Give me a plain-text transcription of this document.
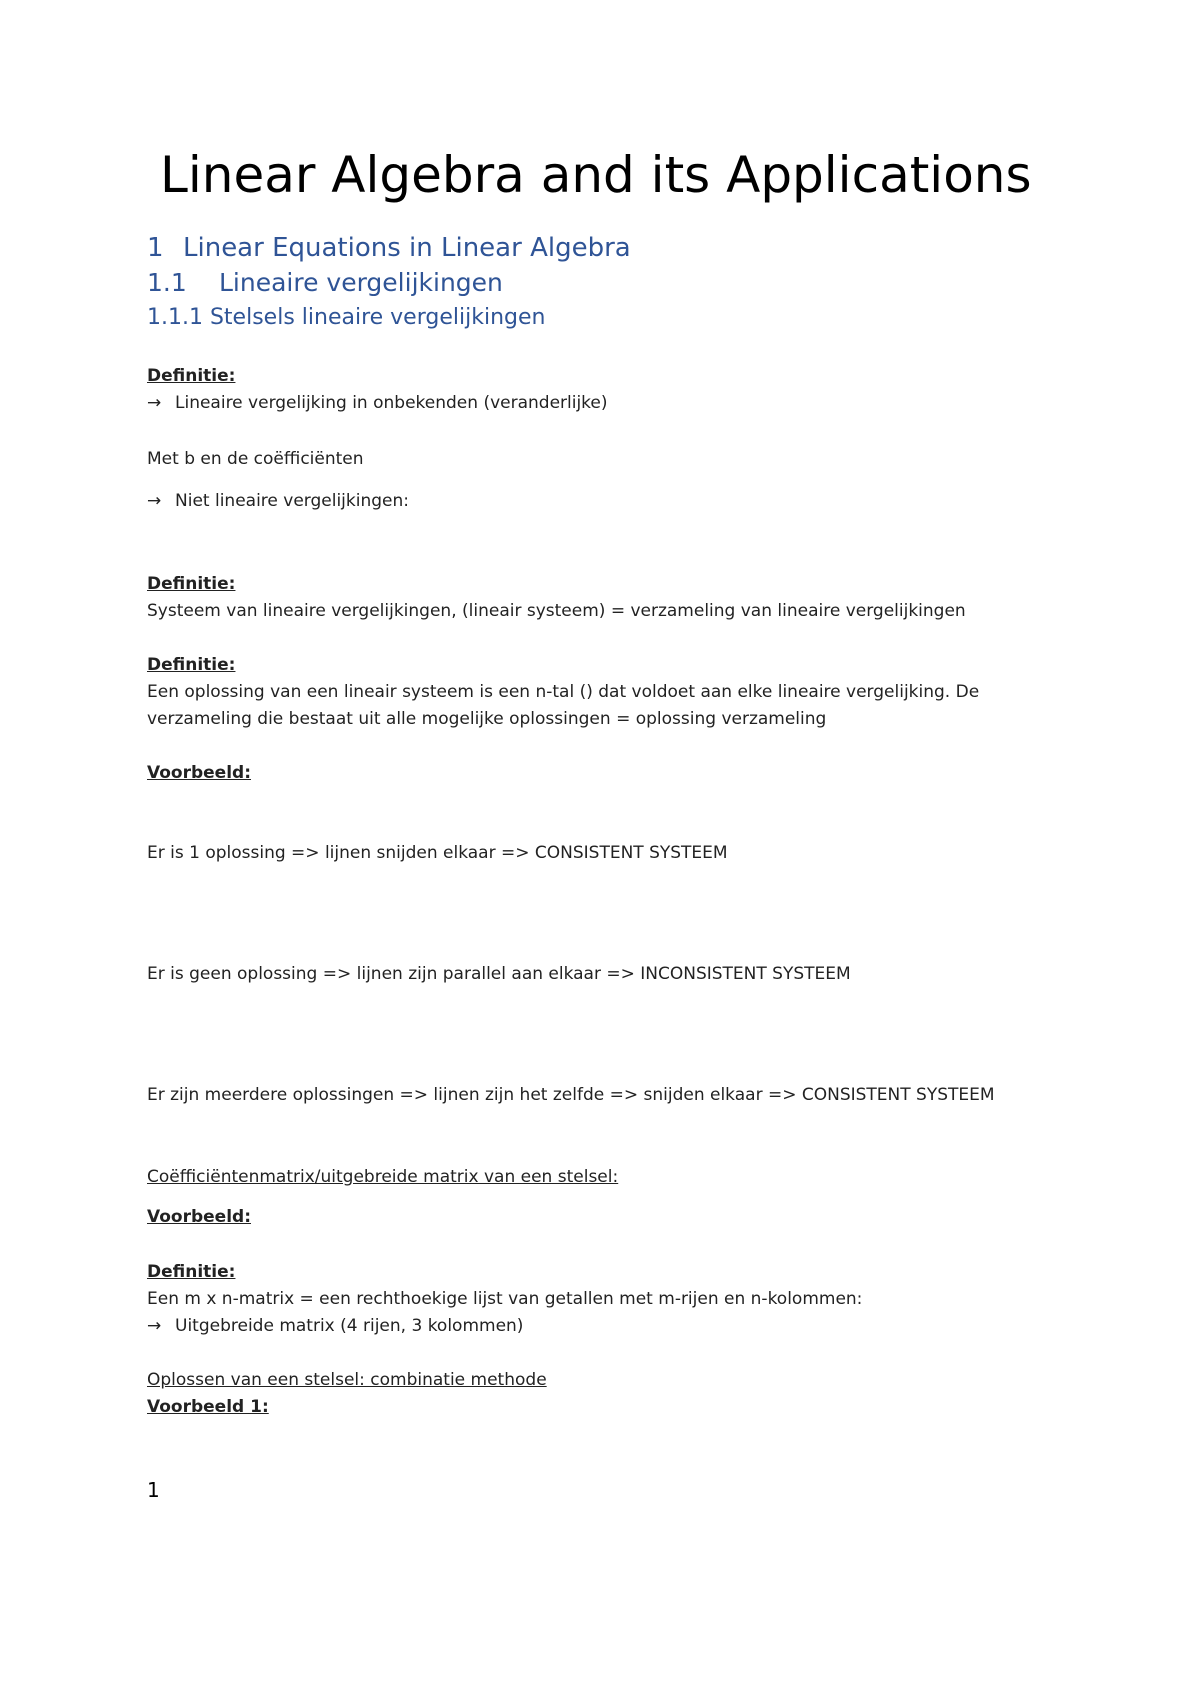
Linear Algebra and its Applications
1 Linear Equations in Linear Algebra
1.1 Lineaire vergelijkingen
1.1.1 Stelsels lineaire vergelijkingen
Definitie:
→ Lineaire vergelijking in onbekenden (veranderlijke)
Met b en de coëfficiënten
→ Niet lineaire vergelijkingen:
Definitie:
Systeem van lineaire vergelijkingen, (lineair systeem) = verzameling van lineaire vergelijkingen
Definitie:
Een oplossing van een lineair systeem is een n-tal () dat voldoet aan elke lineaire vergelijking. De
verzameling die bestaat uit alle mogelijke oplossingen = oplossing verzameling
Voorbeeld:
Er is 1 oplossing => lijnen snijden elkaar => CONSISTENT SYSTEEM
Er is geen oplossing => lijnen zijn parallel aan elkaar => INCONSISTENT SYSTEEM
Er zijn meerdere oplossingen => lijnen zijn het zelfde => snijden elkaar => CONSISTENT SYSTEEM
Coëfficiëntenmatrix/uitgebreide matrix van een stelsel:
Voorbeeld:
Definitie:
Een m x n-matrix = een rechthoekige lijst van getallen met m-rijen en n-kolommen:
→ Uitgebreide matrix (4 rijen, 3 kolommen)
Oplossen van een stelsel: combinatie methode
Voorbeeld 1:
1
